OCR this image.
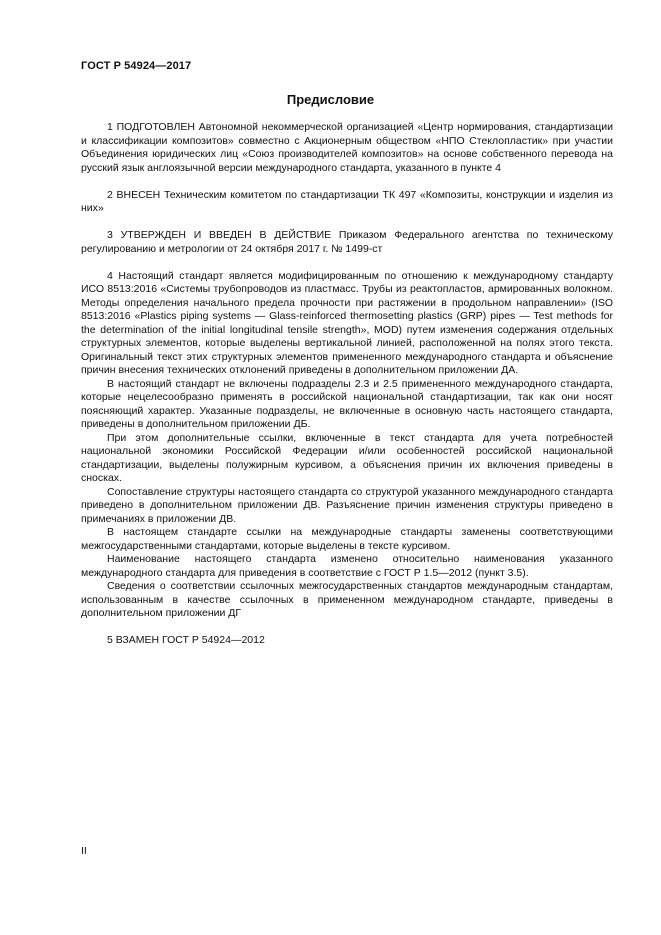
ГОСТ Р 54924—2017
Предисловие

1 ПОДГОТОВЛЕН Автономной некоммерческой организацией «Центр нормирования, стандартизации и классификации композитов» совместно с Акционерным обществом «НПО Стеклопластик» при участии Объединения юридических лиц «Союз производителей композитов» на основе собственного перевода на русский язык англоязычной версии международного стандарта, указанного в пункте 4

2 ВНЕСЕН Техническим комитетом по стандартизации ТК 497 «Композиты, конструкции и изделия из них»

3 УТВЕРЖДЕН И ВВЕДЕН В ДЕЙСТВИЕ Приказом Федерального агентства по техническому регулированию и метрологии от 24 октября 2017 г. № 1499-ст

4 Настоящий стандарт является модифицированным по отношению к международному стандарту ИСО 8513:2016 «Системы трубопроводов из пластмасс. Трубы из реактопластов, армированных волокном. Методы определения начального предела прочности при растяжении в продольном направлении» (ISO 8513:2016 «Plastics piping systems — Glass-reinforced thermosetting plastics (GRP) pipes — Test methods for the determination of the initial longitudinal tensile strength», MOD) путем изменения содержания отдельных структурных элементов, которые выделены вертикальной линией, расположенной на полях этого текста. Оригинальный текст этих структурных элементов примененного международного стандарта и объяснение причин внесения технических отклонений приведены в дополнительном приложении ДА.

В настоящий стандарт не включены подразделы 2.3 и 2.5 примененного международного стандарта, которые нецелесообразно применять в российской национальной стандартизации, так как они носят поясняющий характер. Указанные подразделы, не включенные в основную часть настоящего стандарта, приведены в дополнительном приложении ДБ.

При этом дополнительные ссылки, включенные в текст стандарта для учета потребностей национальной экономики Российской Федерации и/или особенностей российской национальной стандартизации, выделены полужирным курсивом, а объяснения причин их включения приведены в сносках.

Сопоставление структуры настоящего стандарта со структурой указанного международного стандарта приведено в дополнительном приложении ДВ. Разъяснение причин изменения структуры приведено в примечаниях в приложении ДВ.

В настоящем стандарте ссылки на международные стандарты заменены соответствующими межгосударственными стандартами, которые выделены в тексте курсивом.

Наименование настоящего стандарта изменено относительно наименования указанного международного стандарта для приведения в соответствие с ГОСТ Р 1.5—2012 (пункт 3.5).

Сведения о соответствии ссылочных межгосударственных стандартов международным стандартам, использованным в качестве ссылочных в примененном международном стандарте, приведены в дополнительном приложении ДГ

5 ВЗАМЕН ГОСТ Р 54924—2012

II
